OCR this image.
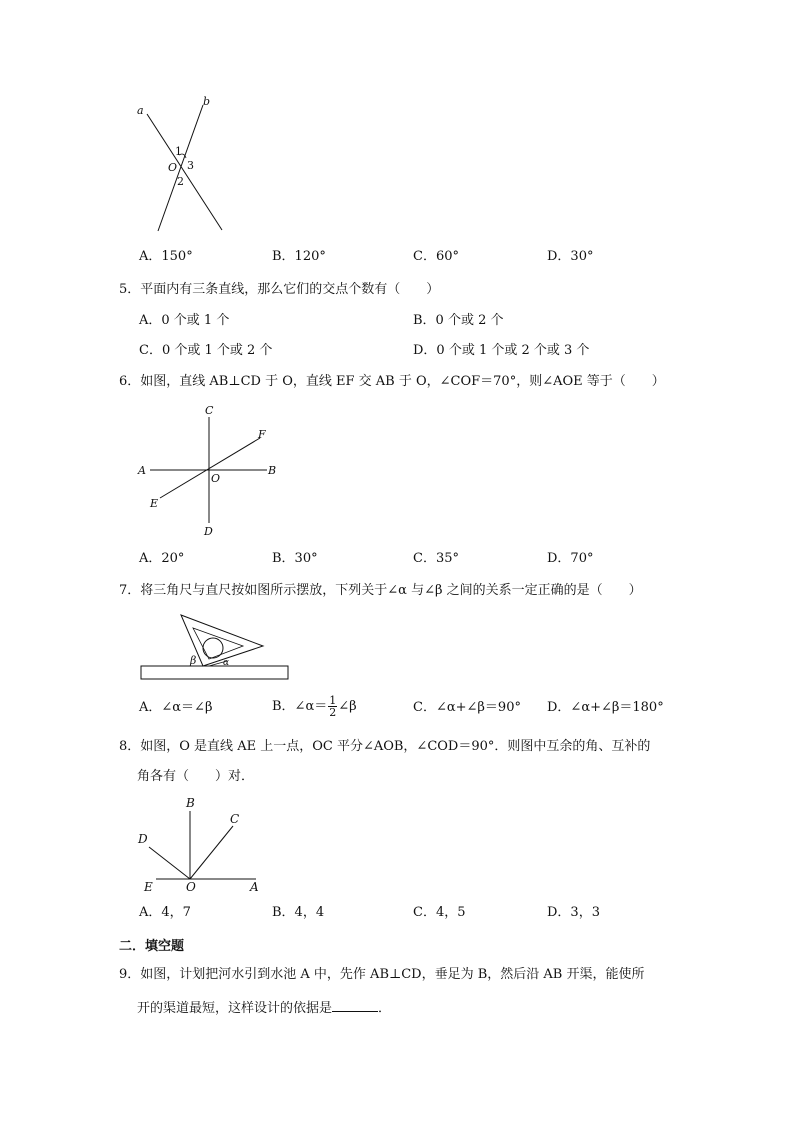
a
b
O
1
3
2
A．150°	B．120°	C．60°	D．30°
5．平面内有三条直线，那么它们的交点个数有（　　）
A．0 个或 1 个	B．0 个或 2 个
C．0 个或 1 个或 2 个	D．0 个或 1 个或 2 个或 3 个
6．如图，直线 AB⊥CD 于 O，直线 EF 交 AB 于 O，∠COF＝70°，则∠AOE 等于（　　）
C
F
A	B
O
E
D
A．20°	B．30°	C．35°	D．70°
7．将三角尺与直尺按如图所示摆放，下列关于∠α 与∠β 之间的关系一定正确的是（　　）
β	α
A．∠α＝∠β	B．∠α＝ $\frac{1}{2}$ ∠β	C．∠α+∠β＝90° D．∠α+∠β＝180°
8．如图，O 是直线 AE 上一点，OC 平分∠AOB，∠COD＝90°．则图中互余的角、互补的
角各有（　　）对．
B
C
D
E	O	A
A．4，7	B．4，4	C．4，5	D．3，3
二．填空题
9．如图，计划把河水引到水池 A 中，先作 AB⊥CD，垂足为 B，然后沿 AB 开渠，能使所
开的渠道最短，这样设计的依据是	．
